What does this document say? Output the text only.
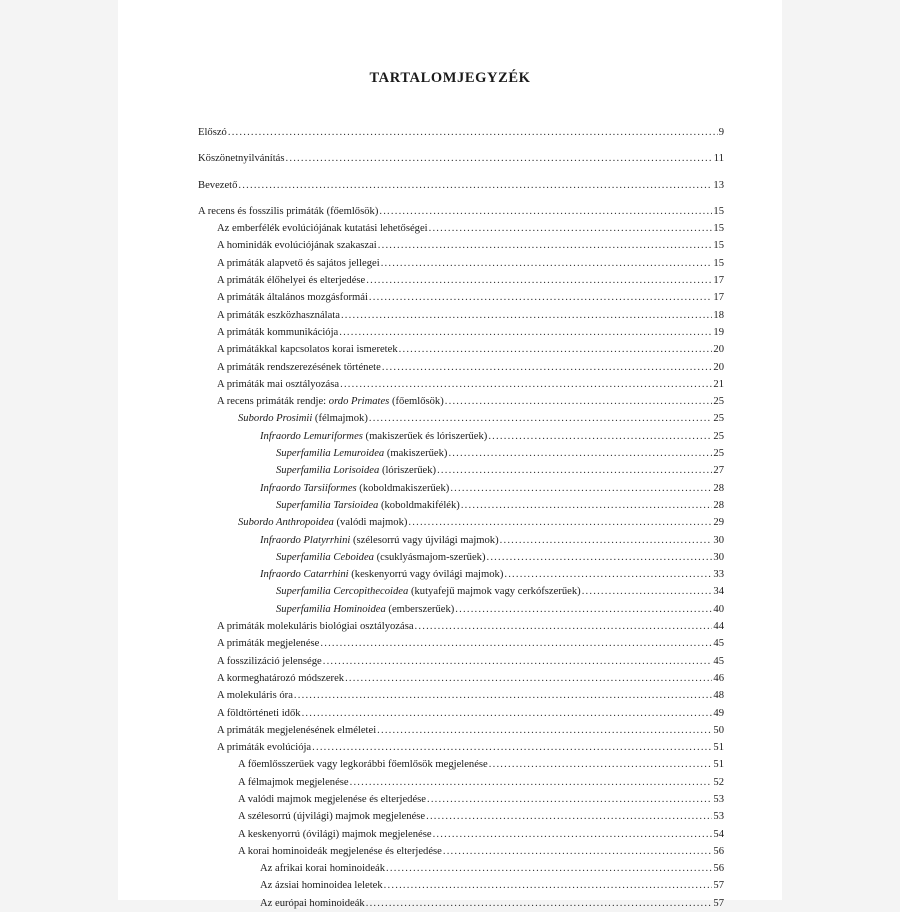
TARTALOMJEGYZÉK
Előszó .....	9
Köszönetnyilvánítás .....	11
Bevezető .....	13
A recens és fosszilis primáták (főemlősök) .....	15
Az emberfélék evolúciójának kutatási lehetőségei .....	15
A hominidák evolúciójának szakaszai .....	15
A primáták alapvető és sajátos jellegei .....	15
A primáták élőhelyei és elterjedése .....	17
A primáták általános mozgásformái .....	17
A primáták eszközhasználata .....	18
A primáták kommunikációja .....	19
A primátákkal kapcsolatos korai ismeretek .....	20
A primáták rendszerezésének története .....	20
A primáták mai osztályozása .....	21
A recens primáták rendje: ordo Primates (főemlősök) .....	25
Subordo Prosimii (félmajmok) .....	25
Infraordo Lemuriformes (makiszerűek és lóriszerűek) .....	25
Superfamilia Lemuroidea (makiszerűek) .....	25
Superfamilia Lorisoidea (lóriszerűek) .....	27
Infraordo Tarsiiformes (koboldmakiszerűek) .....	28
Superfamilia Tarsioidea (koboldmakifélék) .....	28
Subordo Anthropoidea (valódi majmok) .....	29
Infraordo Platyrrhini (szélesorrú vagy újvilági majmok) .....	30
Superfamilia Ceboidea (csuklyásmajom-szerűek) .....	30
Infraordo Catarrhini (keskenyorrú vagy óvilági majmok) .....	33
Superfamilia Cercopithecoidea (kutyafejű majmok vagy cerkófszerűek) .....	34
Superfamilia Hominoidea (emberszerűek) .....	40
A primáták molekuláris biológiai osztályozása .....	44
A primáták megjelenése .....	45
A fosszilizáció jelensége .....	45
A kormeghatározó módszerek .....	46
A molekuláris óra .....	48
A földtörténeti idők .....	49
A primáták megjelenésének elméletei .....	50
A primáták evolúciója .....	51
A főemlősszerűek vagy legkorábbi főemlősök megjelenése .....	51
A félmajmok megjelenése .....	52
A valódi majmok megjelenése és elterjedése .....	53
A szélesorrú (újvilági) majmok megjelenése .....	53
A keskenyorrú (óvilági) majmok megjelenése .....	54
A korai hominoideák megjelenése és elterjedése .....	56
Az afrikai korai hominoideák .....	56
Az ázsiai hominoidea leletek .....	57
Az európai hominoideák .....	57
